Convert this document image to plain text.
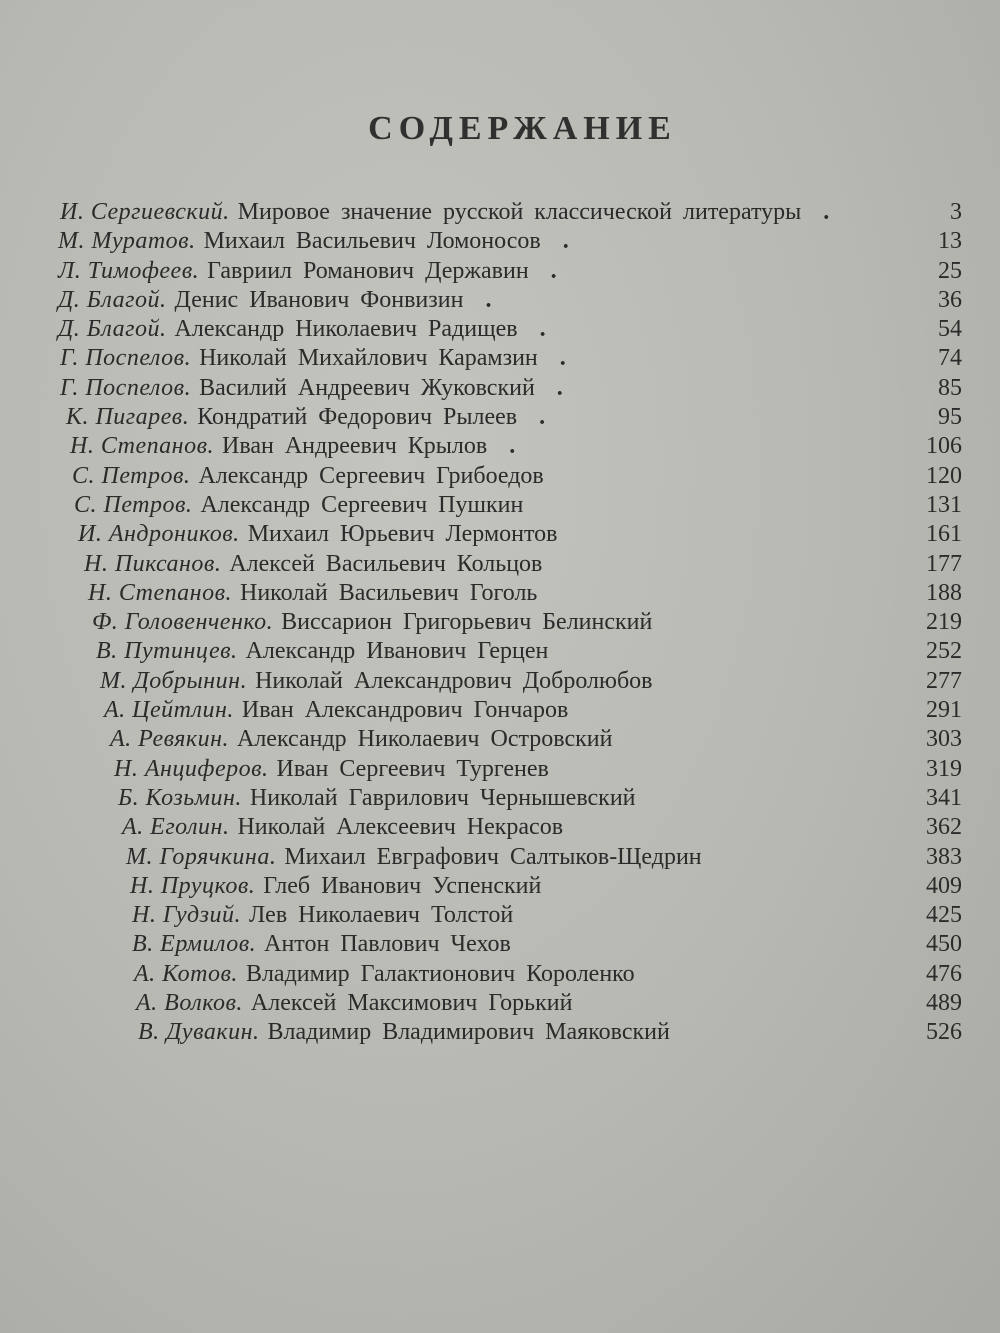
СОДЕРЖАНИЕ
И. Сергиевский. Мировое значение русской классической литературы .	3
М. Муратов. Михаил Васильевич Ломоносов .	13
Л. Тимофеев. Гавриил Романович Державин .	25
Д. Благой. Денис Иванович Фонвизин .	36
Д. Благой. Александр Николаевич Радищев .	54
Г. Поспелов. Николай Михайлович Карамзин .	74
Г. Поспелов. Василий Андреевич Жуковский .	85
К. Пигарев. Кондратий Федорович Рылеев .	95
Н. Степанов. Иван Андреевич Крылов .	106
С. Петров. Александр Сергеевич Грибоедов	120
С. Петров. Александр Сергеевич Пушкин	131
И. Андроников. Михаил Юрьевич Лермонтов	161
Н. Пиксанов. Алексей Васильевич Кольцов	177
Н. Степанов. Николай Васильевич Гоголь	188
Ф. Головенченко. Виссарион Григорьевич Белинский	219
В. Путинцев. Александр Иванович Герцен	252
М. Добрынин. Николай Александрович Добролюбов	277
А. Цейтлин. Иван Александрович Гончаров	291
А. Ревякин. Александр Николаевич Островский	303
Н. Анциферов. Иван Сергеевич Тургенев	319
Б. Козьмин. Николай Гаврилович Чернышевский	341
А. Еголин. Николай Алексеевич Некрасов	362
М. Горячкина. Михаил Евграфович Салтыков-Щедрин	383
Н. Пруцков. Глеб Иванович Успенский	409
Н. Гудзий. Лев Николаевич Толстой	425
В. Ермилов. Антон Павлович Чехов	450
А. Котов. Владимир Галактионович Короленко	476
А. Волков. Алексей Максимович Горький	489
В. Дувакин. Владимир Владимирович Маяковский	526
